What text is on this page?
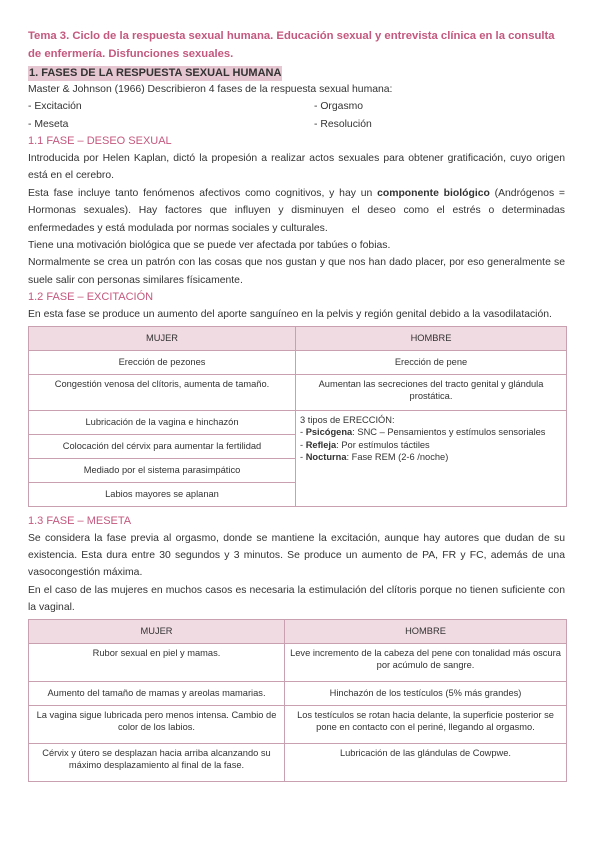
Tema 3. Ciclo de la respuesta sexual humana. Educación sexual y entrevista clínica en la consulta de enfermería. Disfunciones sexuales.
1. FASES DE LA RESPUESTA SEXUAL HUMANA

Master & Johnson (1966) Describieron 4 fases de la respuesta sexual humana:

- Excitación	- Orgasmo
- Meseta	- Resolución
1.1 FASE – DESEO SEXUAL

Introducida por Helen Kaplan, dictó la propesión a realizar actos sexuales para obtener gratificación, cuyo origen está en el cerebro.

Esta fase incluye tanto fenómenos afectivos como cognitivos, y hay un componente biológico (Andrógenos = Hormonas sexuales). Hay factores que influyen y disminuyen el deseo como el estrés o determinadas enfermedades y está modulada por normas sociales y culturales.

Tiene una motivación biológica que se puede ver afectada por tabúes o fobias.

Normalmente se crea un patrón con las cosas que nos gustan y que nos han dado placer, por eso generalmente se suele salir con personas similares físicamente.

1.2 FASE – EXCITACIÓN

En esta fase se produce un aumento del aporte sanguíneo en la pelvis y región genital debido a la vasodilatación.

MUJER	HOMBRE
Erección de pezones	Erección de pene
Congestión venosa del clítoris, aumenta de tamaño.	Aumentan las secreciones del tracto genital y glándula prostática.
Lubricación de la vagina e hinchazón	3 tipos de ERECCIÓN:
- Psicógena: SNC – Pensamientos y estímulos sensoriales
- Refleja: Por estímulos táctiles
- Nocturna: Fase REM (2-6 /noche)

Colocación del cérvix para aumentar la fertilidad	
Mediado por el sistema parasimpático	
Labios mayores se aplanan	
1.3 FASE – MESETA

Se considera la fase previa al orgasmo, donde se mantiene la excitación, aunque hay autores que dudan de su existencia. Esta dura entre 30 segundos y 3 minutos. Se produce un aumento de PA, FR y FC, además de una vasocongestión máxima.

En el caso de las mujeres en muchos casos es necesaria la estimulación del clítoris porque no tienen suficiente con la vaginal.

MUJER	HOMBRE
Rubor sexual en piel y mamas.	Leve incremento de la cabeza del pene con tonalidad más oscura por acúmulo de sangre.
Aumento del tamaño de mamas y areolas mamarias.	Hinchazón de los testículos (5% más grandes)
La vagina sigue lubricada pero menos intensa. Cambio de color de los labios.	Los testículos se rotan hacia delante, la superficie posterior se pone en contacto con el periné, llegando al orgasmo.
Cérvix y útero se desplazan hacia arriba alcanzando su máximo desplazamiento al final de la fase.	Lubricación de las glándulas de Cowpwe.
